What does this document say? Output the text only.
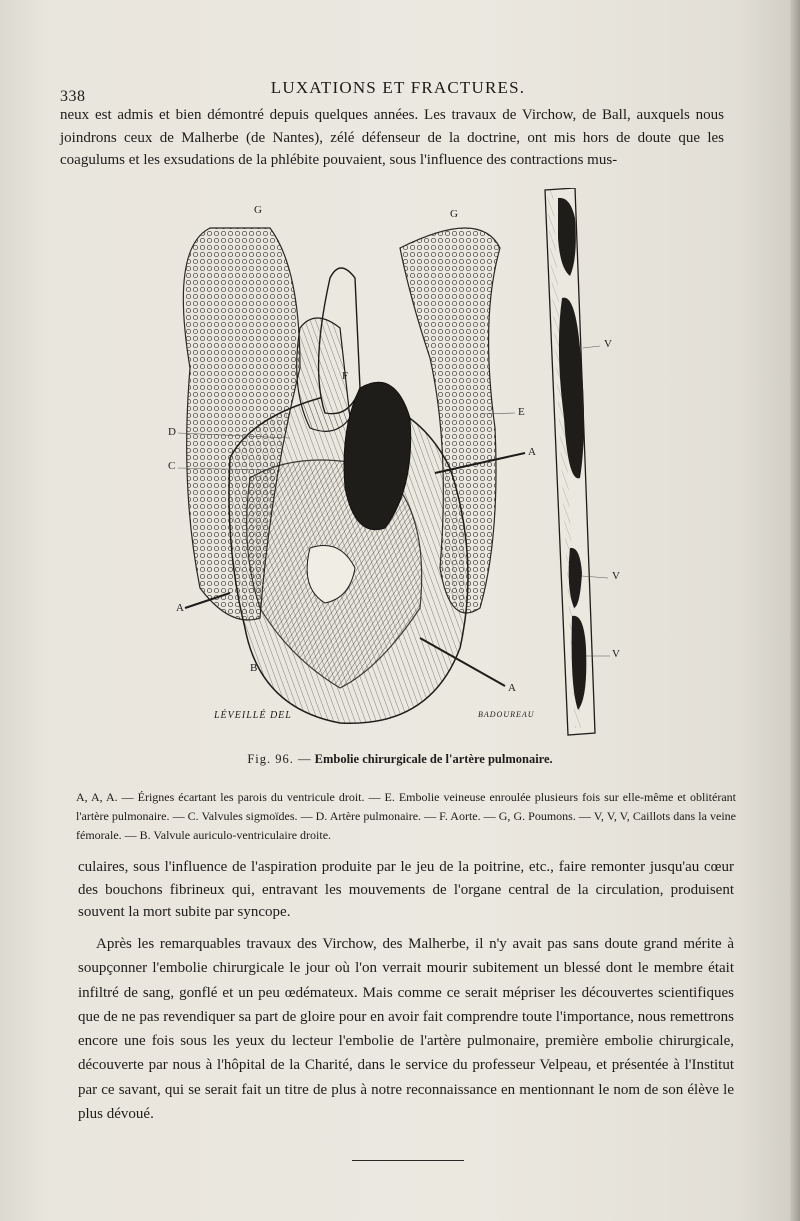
338	LUXATIONS ET FRACTURES.

neux est admis et bien démontré depuis quelques années. Les travaux de Virchow, de Ball, auxquels nous joindrons ceux de Malherbe (de Nantes), zélé défenseur de la doctrine, ont mis hors de doute que les coagulums et les exsudations de la phlébite pouvaient, sous l'influence des contractions mus-

G	G
F
E
D
C
A
A
A
B
V
V
V
LÉVEILLÉ DEL	BADOUREAU
Fig. 96. — Embolie chirurgicale de l'artère pulmonaire.

A, A, A. — Érignes écartant les parois du ventricule droit. — E. Embolie veineuse enroulée plusieurs fois sur elle-même et oblitérant l'artère pulmonaire. — C. Valvules sigmoïdes. — D. Artère pulmonaire. — F. Aorte. — G, G. Poumons. — V, V, V, Caillots dans la veine fémorale. — B. Valvule auriculo-ventriculaire droite.

culaires, sous l'influence de l'aspiration produite par le jeu de la poitrine, etc., faire remonter jusqu'au cœur des bouchons fibrineux qui, entravant les mouvements de l'organe central de la circulation, produisent souvent la mort subite par syncope.

Après les remarquables travaux des Virchow, des Malherbe, il n'y avait pas sans doute grand mérite à soupçonner l'embolie chirurgicale le jour où l'on verrait mourir subitement un blessé dont le membre était infiltré de sang, gonflé et un peu œdémateux. Mais comme ce serait mépriser les découvertes scientifiques que de ne pas revendiquer sa part de gloire pour en avoir fait comprendre toute l'importance, nous remettrons encore une fois sous les yeux du lecteur l'embolie de l'artère pulmonaire, première embolie chirurgicale, découverte par nous à l'hôpital de la Charité, dans le service du professeur Velpeau, et présentée à l'Institut par ce savant, qui se serait fait un titre de plus à notre reconnaissance en mentionnant le nom de son élève le plus dévoué.
